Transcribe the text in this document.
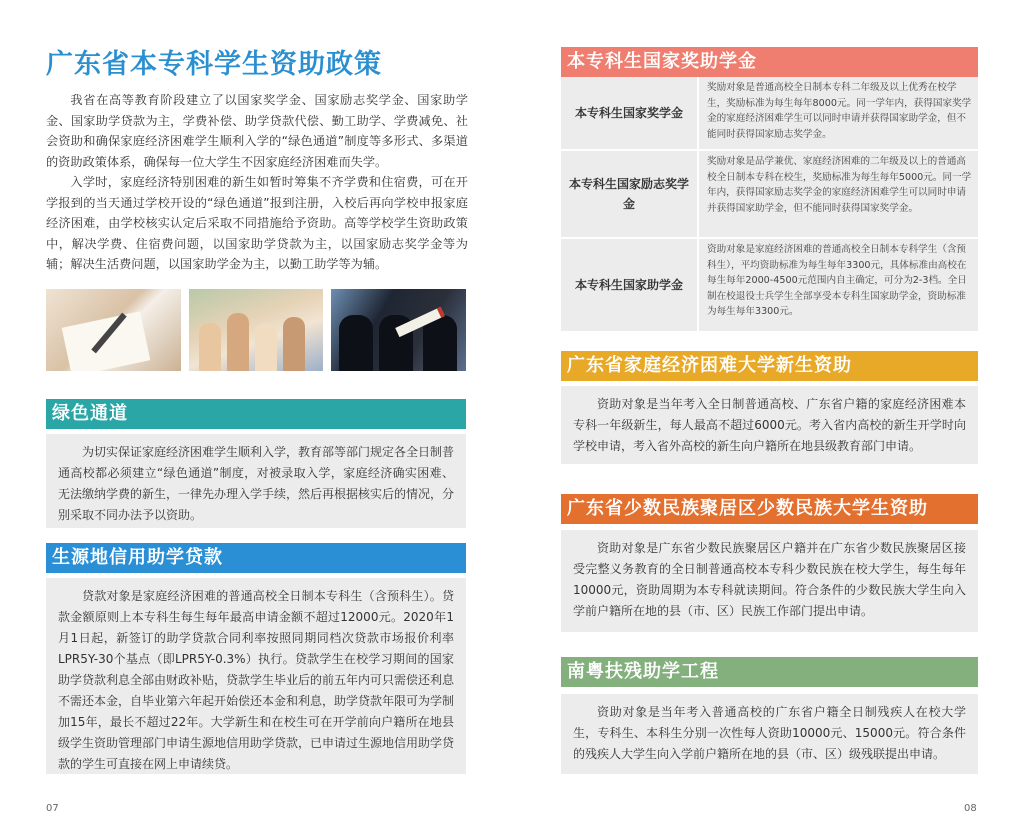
广东省本专科学生资助政策

我省在高等教育阶段建立了以国家奖学金、国家励志奖学金、国家助学金、国家助学贷款为主，学费补偿、助学贷款代偿、勤工助学、学费减免、社会资助和确保家庭经济困难学生顺利入学的“绿色通道”制度等多形式、多渠道的资助政策体系，确保每一位大学生不因家庭经济困难而失学。

入学时，家庭经济特别困难的新生如暂时筹集不齐学费和住宿费，可在开学报到的当天通过学校开设的“绿色通道”报到注册，入校后再向学校申报家庭经济困难，由学校核实认定后采取不同措施给予资助。高等学校学生资助政策中，解决学费、住宿费问题，以国家助学贷款为主，以国家励志奖学金等为辅；解决生活费问题，以国家助学金为主，以勤工助学等为辅。

绿色通道

为切实保证家庭经济困难学生顺利入学，教育部等部门规定各全日制普通高校都必须建立“绿色通道”制度，对被录取入学，家庭经济确实困难、无法缴纳学费的新生，一律先办理入学手续，然后再根据核实后的情况，分别采取不同办法予以资助。

生源地信用助学贷款

贷款对象是家庭经济困难的普通高校全日制本专科生（含预科生）。贷款金额原则上本专科生每生每年最高申请金额不超过12000元。2020年1月1日起，新签订的助学贷款合同利率按照同期同档次贷款市场报价利率LPR5Y-30个基点（即LPR5Y-0.3%）执行。贷款学生在校学习期间的国家助学贷款利息全部由财政补贴，贷款学生毕业后的前五年内可只需偿还利息不需还本金，自毕业第六年起开始偿还本金和利息，助学贷款年限可为学制加15年，最长不超过22年。大学新生和在校生可在开学前向户籍所在地县级学生资助管理部门申请生源地信用助学贷款，已申请过生源地信用助学贷款的学生可直接在网上申请续贷。

07
本专科生国家奖助学金
本专科生国家奖学金
奖励对象是普通高校全日制本专科二年级及以上优秀在校学生，奖励标准为每生每年8000元。同一学年内，获得国家奖学金的家庭经济困难学生可以同时申请并获得国家助学金，但不能同时获得国家励志奖学金。
本专科生国家励志奖学金
奖励对象是品学兼优、家庭经济困难的二年级及以上的普通高校全日制本专科在校生，奖励标准为每生每年5000元。同一学年内，获得国家励志奖学金的家庭经济困难学生可以同时申请并获得国家助学金，但不能同时获得国家奖学金。
本专科生国家助学金
资助对象是家庭经济困难的普通高校全日制本专科学生（含预科生），平均资助标准为每生每年3300元，具体标准由高校在每生每年2000-4500元范围内自主确定，可分为2-3档。全日制在校退役士兵学生全部享受本专科生国家助学金，资助标准为每生每年3300元。
广东省家庭经济困难大学新生资助

资助对象是当年考入全日制普通高校、广东省户籍的家庭经济困难本专科一年级新生，每人最高不超过6000元。考入省内高校的新生开学时向学校申请，考入省外高校的新生向户籍所在地县级教育部门申请。

广东省少数民族聚居区少数民族大学生资助

资助对象是广东省少数民族聚居区户籍并在广东省少数民族聚居区接受完整义务教育的全日制普通高校本专科少数民族在校大学生，每生每年10000元，资助周期为本专科就读期间。符合条件的少数民族大学生向入学前户籍所在地的县（市、区）民族工作部门提出申请。

南粤扶残助学工程

资助对象是当年考入普通高校的广东省户籍全日制残疾人在校大学生，专科生、本科生分别一次性每人资助10000元、15000元。符合条件的残疾人大学生向入学前户籍所在地的县（市、区）级残联提出申请。

08
